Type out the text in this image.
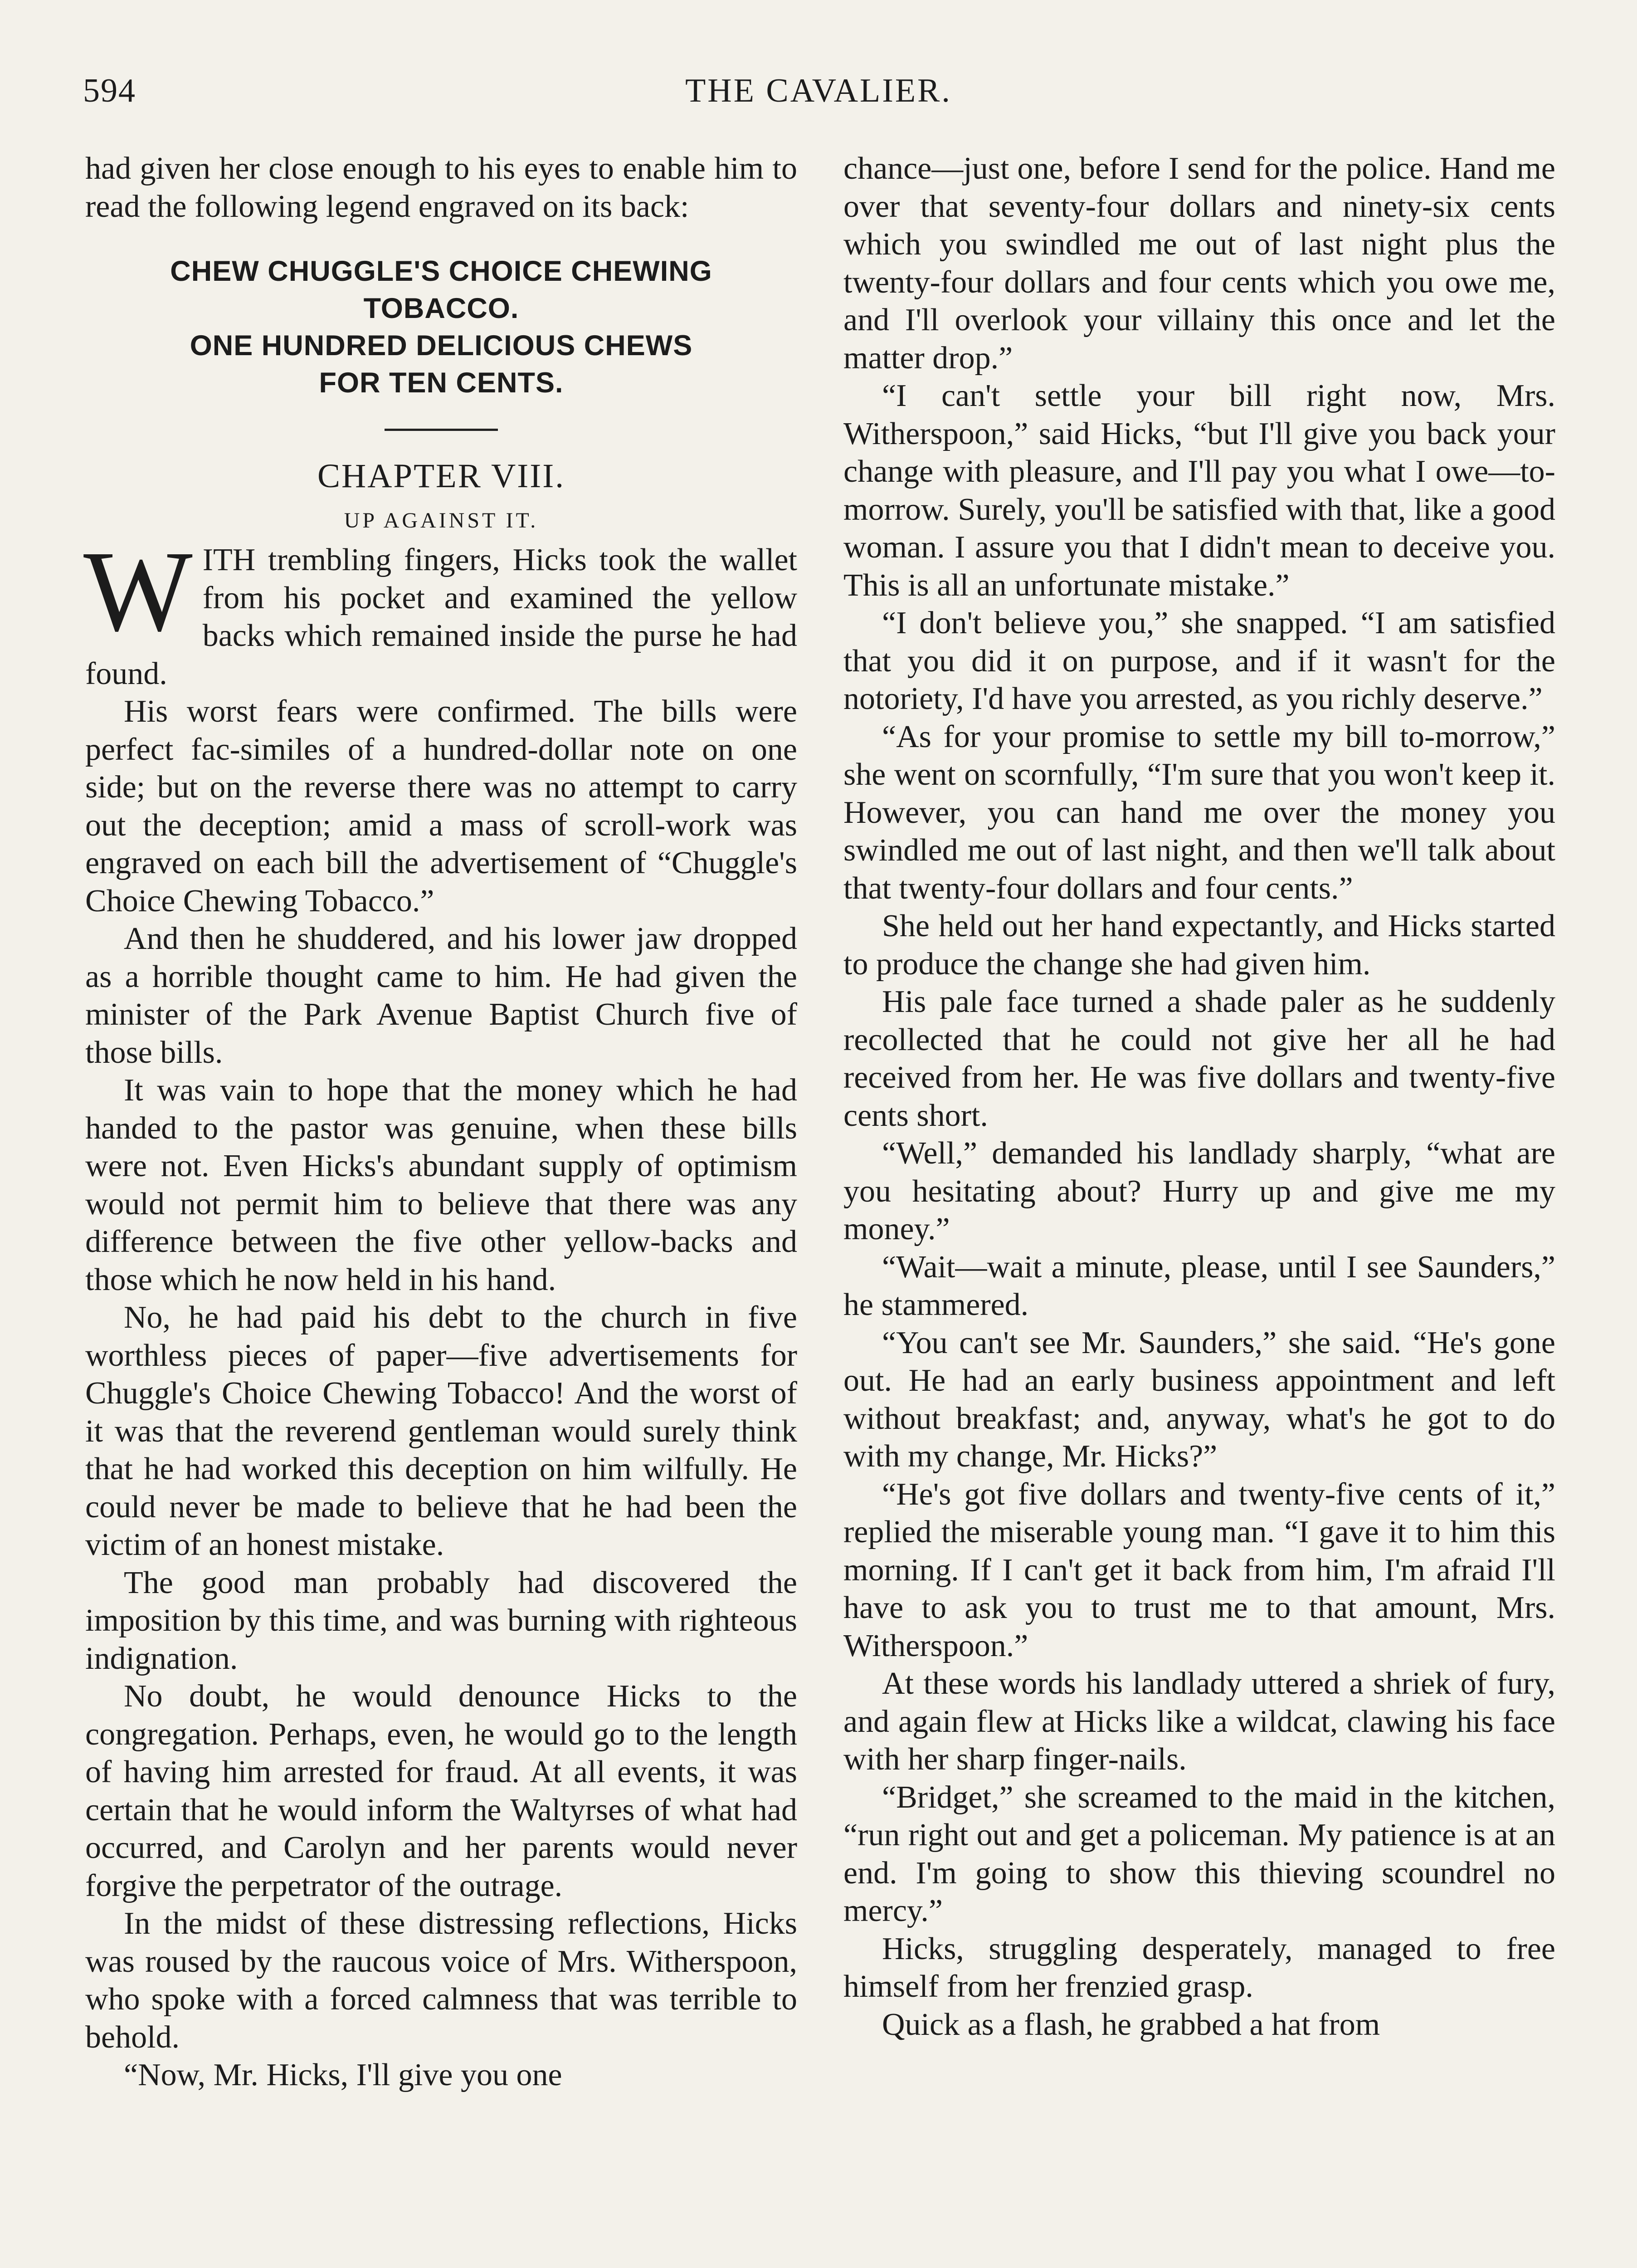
594	THE CAVALIER.

had given her close enough to his eyes to enable him to read the following legend engraved on its back:

CHEW CHUGGLE'S CHOICE CHEWING
TOBACCO.
ONE HUNDRED DELICIOUS CHEWS
FOR TEN CENTS.
CHAPTER VIII.
UP AGAINST IT.

WITH trembling fingers, Hicks took the wallet from his pocket and examined the yellow backs which remained inside the purse he had found.

His worst fears were confirmed. The bills were perfect fac-similes of a hundred-dollar note on one side; but on the reverse there was no attempt to carry out the deception; amid a mass of scroll-work was engraved on each bill the advertisement of “Chuggle's Choice Chewing Tobacco.”

And then he shuddered, and his lower jaw dropped as a horrible thought came to him. He had given the minister of the Park Avenue Baptist Church five of those bills.

It was vain to hope that the money which he had handed to the pastor was genuine, when these bills were not. Even Hicks's abundant supply of optimism would not permit him to believe that there was any difference between the five other yellow-backs and those which he now held in his hand.

No, he had paid his debt to the church in five worthless pieces of paper—five advertisements for Chuggle's Choice Chewing Tobacco! And the worst of it was that the reverend gentleman would surely think that he had worked this deception on him wilfully. He could never be made to believe that he had been the victim of an honest mistake.

The good man probably had discovered the imposition by this time, and was burning with righteous indignation.

No doubt, he would denounce Hicks to the congregation. Perhaps, even, he would go to the length of having him arrested for fraud. At all events, it was certain that he would inform the Waltyrses of what had occurred, and Carolyn and her parents would never forgive the perpetrator of the outrage.

In the midst of these distressing reflections, Hicks was roused by the raucous voice of Mrs. Witherspoon, who spoke with a forced calmness that was terrible to behold.

“Now, Mr. Hicks, I'll give you one

chance—just one, before I send for the police. Hand me over that seventy-four dollars and ninety-six cents which you swindled me out of last night plus the twenty-four dollars and four cents which you owe me, and I'll overlook your villainy this once and let the matter drop.”

“I can't settle your bill right now, Mrs. Witherspoon,” said Hicks, “but I'll give you back your change with pleasure, and I'll pay you what I owe—to-morrow. Surely, you'll be satisfied with that, like a good woman. I assure you that I didn't mean to deceive you. This is all an unfortunate mistake.”

“I don't believe you,” she snapped. “I am satisfied that you did it on purpose, and if it wasn't for the notoriety, I'd have you arrested, as you richly deserve.”

“As for your promise to settle my bill to-morrow,” she went on scornfully, “I'm sure that you won't keep it. However, you can hand me over the money you swindled me out of last night, and then we'll talk about that twenty-four dollars and four cents.”

She held out her hand expectantly, and Hicks started to produce the change she had given him.

His pale face turned a shade paler as he suddenly recollected that he could not give her all he had received from her. He was five dollars and twenty-five cents short.

“Well,” demanded his landlady sharply, “what are you hesitating about? Hurry up and give me my money.”

“Wait—wait a minute, please, until I see Saunders,” he stammered.

“You can't see Mr. Saunders,” she said. “He's gone out. He had an early business appointment and left without breakfast; and, anyway, what's he got to do with my change, Mr. Hicks?”

“He's got five dollars and twenty-five cents of it,” replied the miserable young man. “I gave it to him this morning. If I can't get it back from him, I'm afraid I'll have to ask you to trust me to that amount, Mrs. Witherspoon.”

At these words his landlady uttered a shriek of fury, and again flew at Hicks like a wildcat, clawing his face with her sharp finger-nails.

“Bridget,” she screamed to the maid in the kitchen, “run right out and get a policeman. My patience is at an end. I'm going to show this thieving scoundrel no mercy.”

Hicks, struggling desperately, managed to free himself from her frenzied grasp.

Quick as a flash, he grabbed a hat from
